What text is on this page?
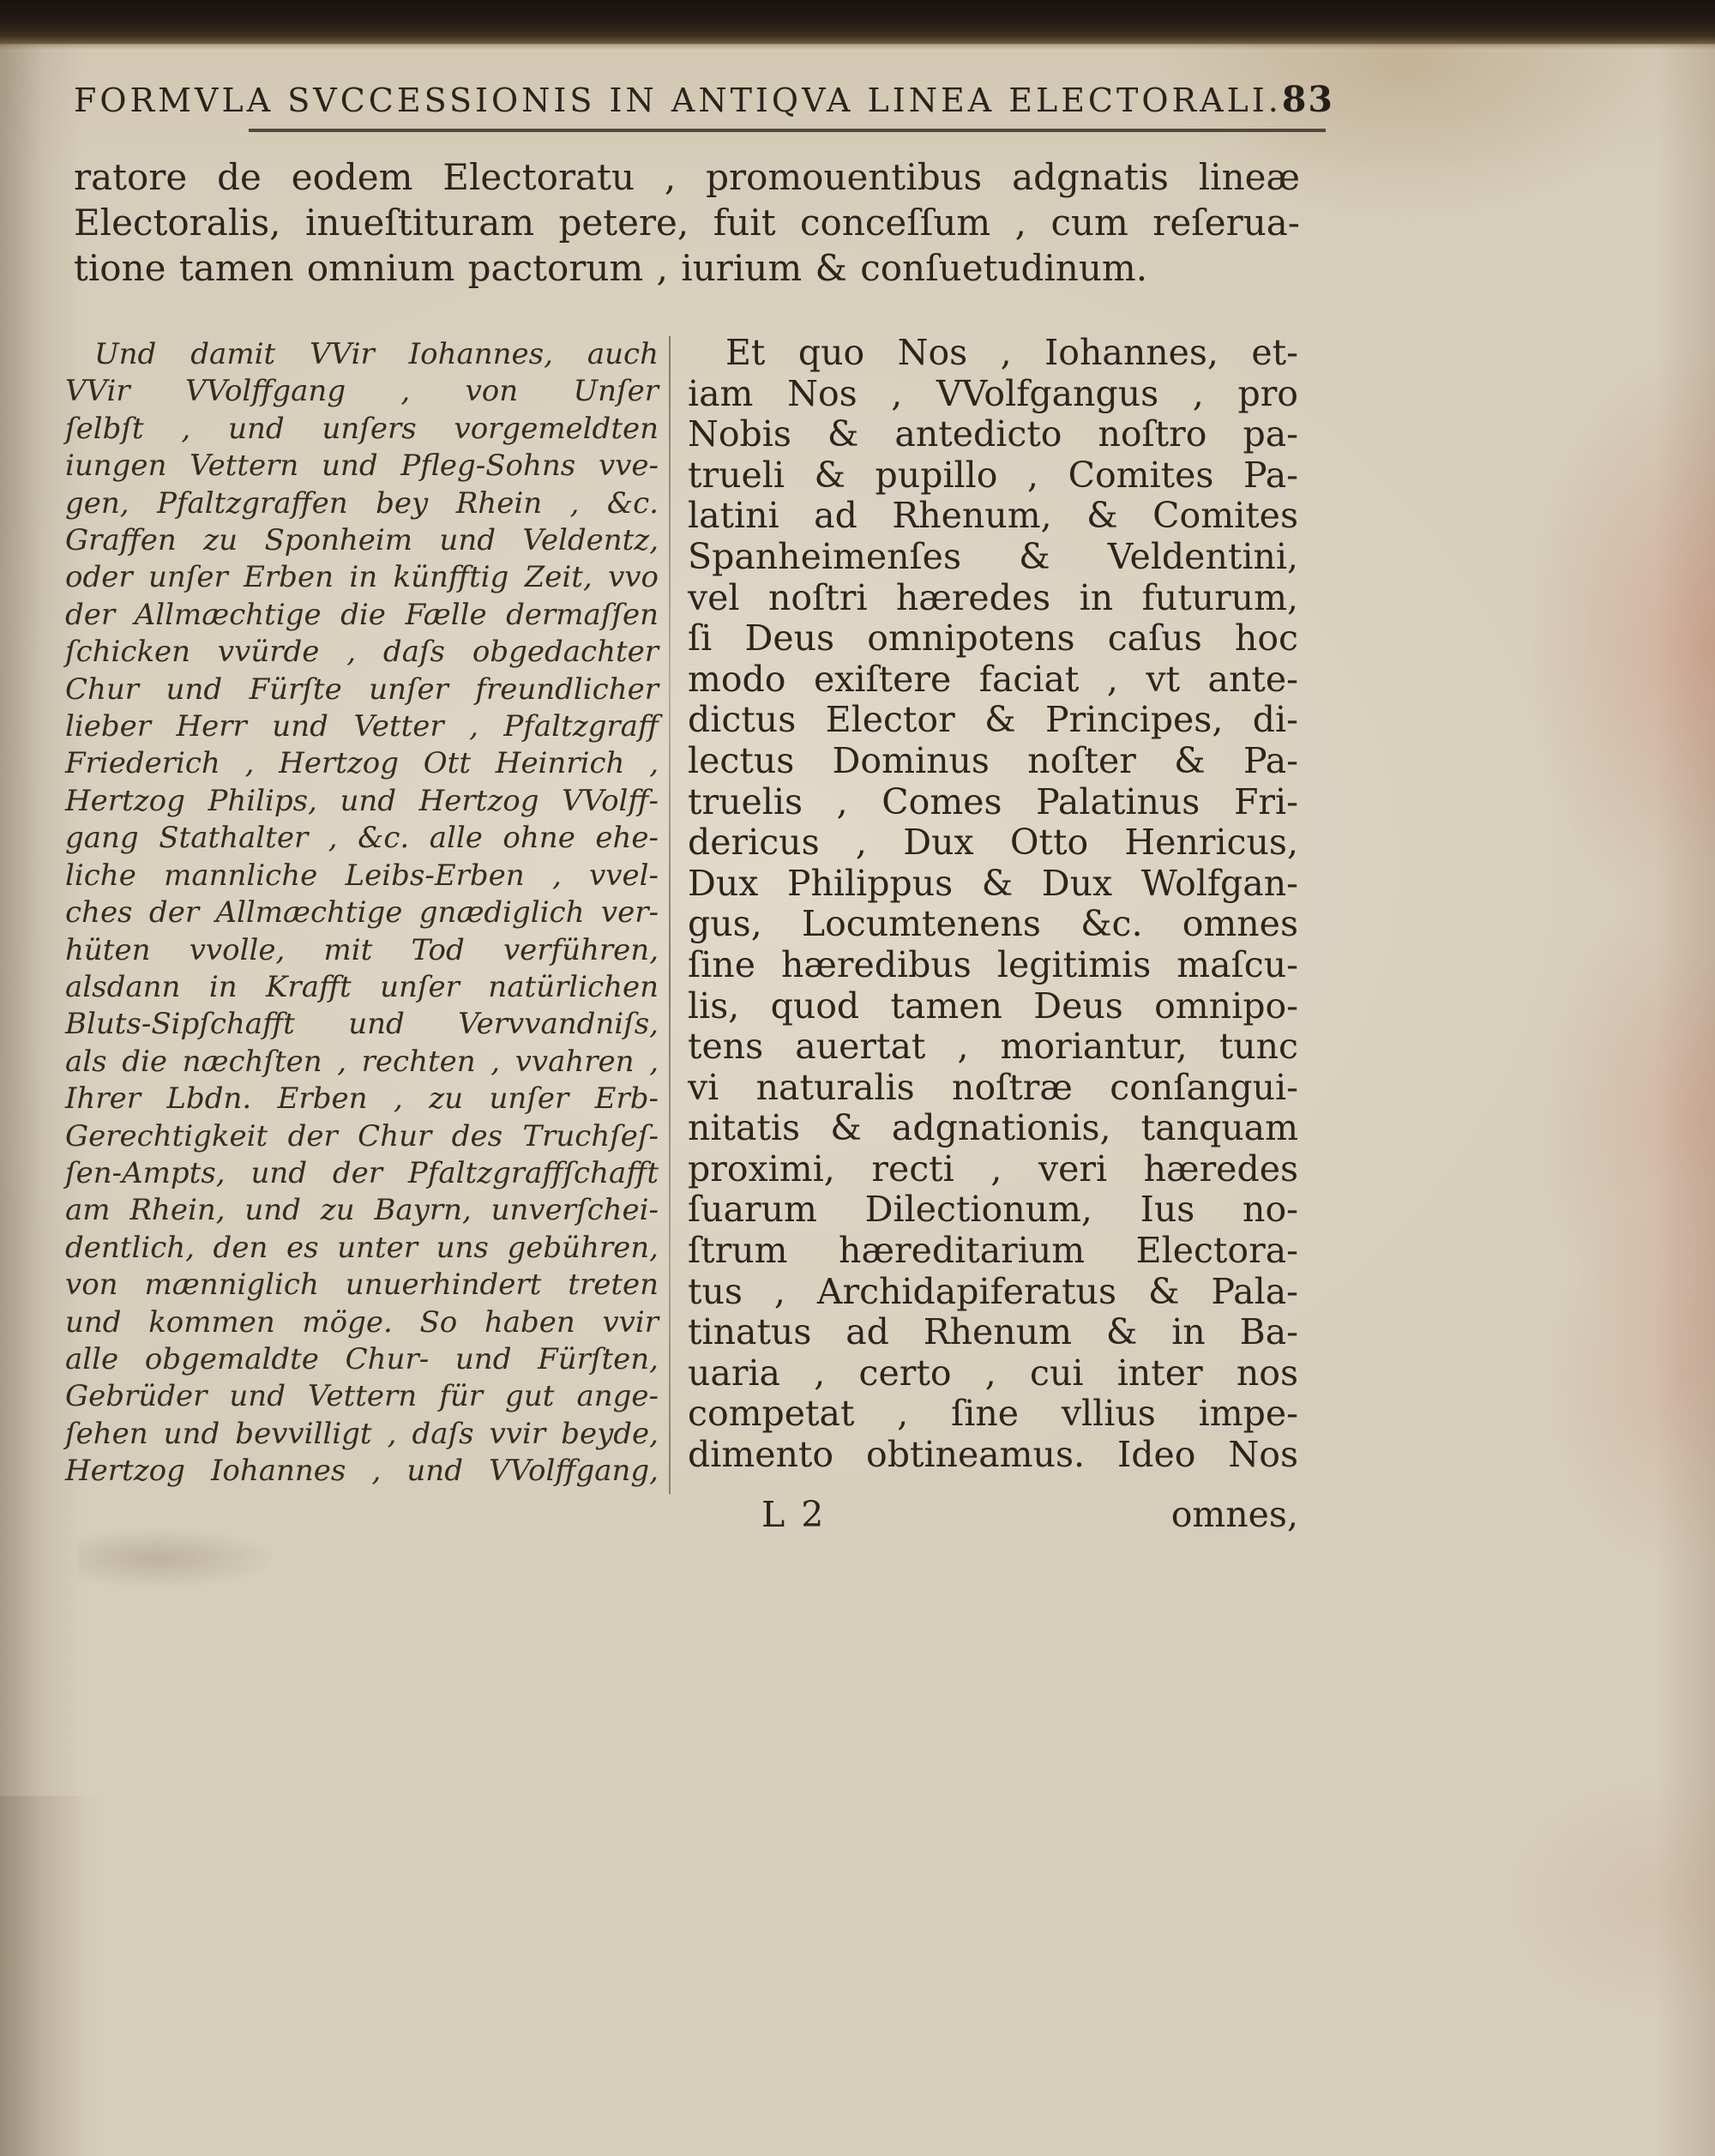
FORMVLA SVCCESSIONIS IN ANTIQVA LINEA ELECTORALI. 83
ratore de eodem Electoratu , promouentibus adgnatis lineæ
Electoralis, inueſtituram petere, fuit conceſſum , cum reſerua-
tione tamen omnium pactorum , iurium & conſuetudinum.
Und damit VVir Iohannes, auch
VVir VVolffgang , von Unſer
ſelbſt , und unſers vorgemeldten
iungen Vettern und Pfleg-Sohns vve-
gen, Pfaltzgraffen bey Rhein , &c.
Graffen zu Sponheim und Veldentz,
oder unſer Erben in künfftig Zeit, vvo
der Allmæchtige die Fælle dermaſſen
ſchicken vvürde , daſs obgedachter
Chur und Fürſte unſer freundlicher
lieber Herr und Vetter , Pfaltzgraff
Friederich , Hertzog Ott Heinrich ,
Hertzog Philips, und Hertzog VVolff-
gang Stathalter , &c. alle ohne ehe-
liche mannliche Leibs-Erben , vvel-
ches der Allmæchtige gnædiglich ver-
hüten vvolle, mit Tod verführen,
alsdann in Krafft unſer natürlichen
Bluts-Sipſchafft und Vervvandniſs,
als die næchſten , rechten , vvahren ,
Ihrer Lbdn. Erben , zu unſer Erb-
Gerechtigkeit der Chur des Truchſeſ-
ſen-Ampts, und der Pfaltzgraffſchafft
am Rhein, und zu Bayrn, unverſchei-
dentlich, den es unter uns gebühren,
von mænniglich unuerhindert treten
und kommen möge. So haben vvir
alle obgemaldte Chur- und Fürſten,
Gebrüder und Vettern für gut ange-
ſehen und bevvilligt , daſs vvir beyde,
Hertzog Iohannes , und VVolffgang,
Et quo Nos , Iohannes, et-
iam Nos , VVolfgangus , pro
Nobis & antedicto noſtro pa-
trueli & pupillo , Comites Pa-
latini ad Rhenum, & Comites
Spanheimenſes & Veldentini,
vel noſtri hæredes in futurum,
ſi Deus omnipotens caſus hoc
modo exiſtere faciat , vt ante-
dictus Elector & Principes, di-
lectus Dominus noſter & Pa-
truelis , Comes Palatinus Fri-
dericus , Dux Otto Henricus,
Dux Philippus & Dux Wolfgan-
gus, Locumtenens &c. omnes
ſine hæredibus legitimis maſcu-
lis, quod tamen Deus omnipo-
tens auertat , moriantur, tunc
vi naturalis noſtræ conſangui-
nitatis & adgnationis, tanquam
proximi, recti , veri hæredes
ſuarum Dilectionum, Ius no-
ſtrum hæreditarium Electora-
tus , Archidapiferatus & Pala-
tinatus ad Rhenum & in Ba-
uaria , certo , cui inter nos
competat , ſine vllius impe-
dimento obtineamus. Ideo Nos
L 2	omnes,
